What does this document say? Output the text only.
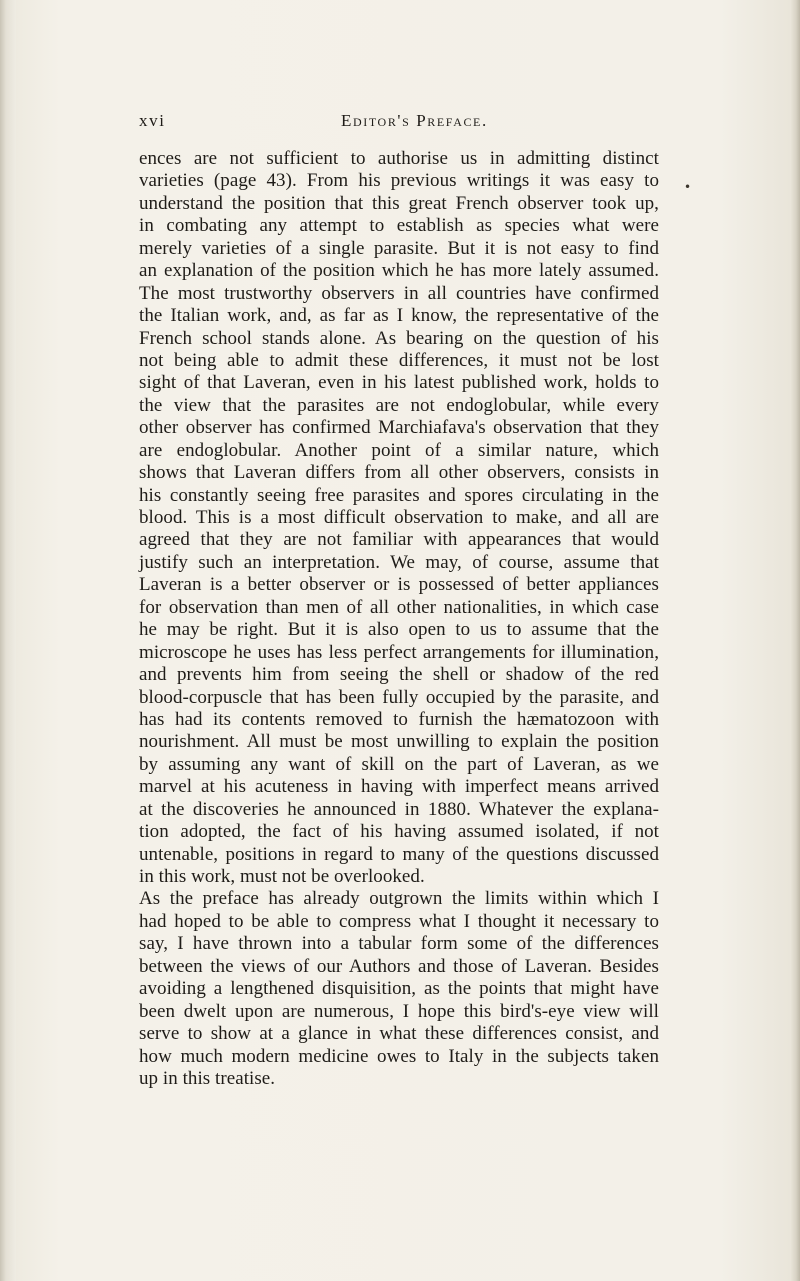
xvi	Editor's Preface.
•
ences are not sufficient to authorise us in admitting distinct
varieties (page 43). From his previous writings it was easy to
understand the position that this great French observer took up,
in combating any attempt to establish as species what were
merely varieties of a single parasite. But it is not easy to find
an explanation of the position which he has more lately assumed.
The most trustworthy observers in all countries have confirmed
the Italian work, and, as far as I know, the representative of the
French school stands alone. As bearing on the question of his
not being able to admit these differences, it must not be lost
sight of that Laveran, even in his latest published work, holds to
the view that the parasites are not endoglobular, while every
other observer has confirmed Marchiafava's observation that they
are endoglobular. Another point of a similar nature, which
shows that Laveran differs from all other observers, consists in
his constantly seeing free parasites and spores circulating in the
blood. This is a most difficult observation to make, and all are
agreed that they are not familiar with appearances that would
justify such an interpretation. We may, of course, assume that
Laveran is a better observer or is possessed of better appliances
for observation than men of all other nationalities, in which case
he may be right. But it is also open to us to assume that the
microscope he uses has less perfect arrangements for illumination,
and prevents him from seeing the shell or shadow of the red
blood-corpuscle that has been fully occupied by the parasite, and
has had its contents removed to furnish the hæmatozoon with
nourishment. All must be most unwilling to explain the position
by assuming any want of skill on the part of Laveran, as we
marvel at his acuteness in having with imperfect means arrived
at the discoveries he announced in 1880. Whatever the explana-
tion adopted, the fact of his having assumed isolated, if not
untenable, positions in regard to many of the questions discussed
in this work, must not be overlooked.
As the preface has already outgrown the limits within which I
had hoped to be able to compress what I thought it necessary to
say, I have thrown into a tabular form some of the differences
between the views of our Authors and those of Laveran. Besides
avoiding a lengthened disquisition, as the points that might have
been dwelt upon are numerous, I hope this bird's-eye view will
serve to show at a glance in what these differences consist, and
how much modern medicine owes to Italy in the subjects taken
up in this treatise.
